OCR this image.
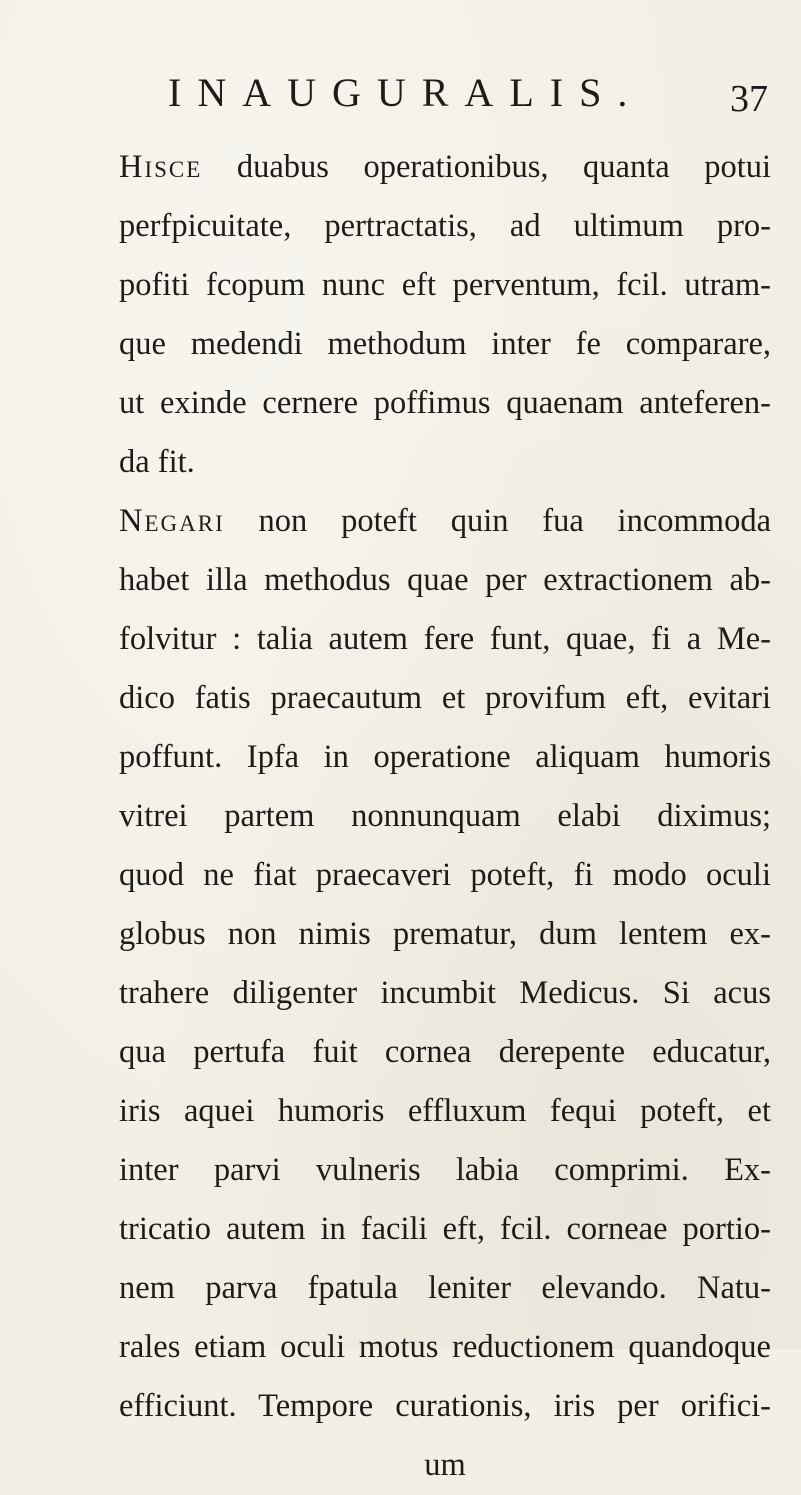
INAUGURALIS. 37
Hisce duabus operationibus, quanta potui
perfpicuitate, pertractatis, ad ultimum pro-
pofiti fcopum nunc eft perventum, fcil. utram-
que medendi methodum inter fe comparare,
ut exinde cernere poffimus quaenam anteferen-
da fit.
Negari non poteft quin fua incommoda
habet illa methodus quae per extractionem ab-
folvitur : talia autem fere funt, quae, fi a Me-
dico fatis praecautum et provifum eft, evitari
poffunt. Ipfa in operatione aliquam humoris
vitrei partem nonnunquam elabi diximus;
quod ne fiat praecaveri poteft, fi modo oculi
globus non nimis prematur, dum lentem ex-
trahere diligenter incumbit Medicus. Si acus
qua pertufa fuit cornea derepente educatur,
iris aquei humoris effluxum fequi poteft, et
inter parvi vulneris labia comprimi. Ex-
tricatio autem in facili eft, fcil. corneae portio-
nem parva fpatula leniter elevando. Natu-
rales etiam oculi motus reductionem quandoque
efficiunt. Tempore curationis, iris per orifici-
um
